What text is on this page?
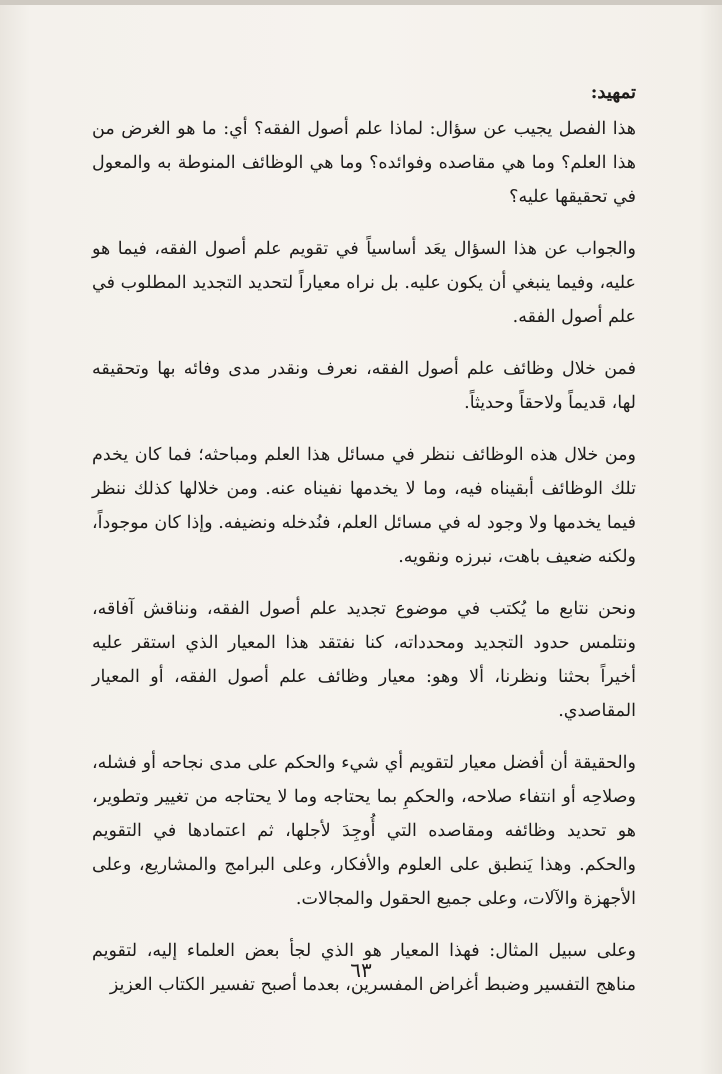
تمهيد:

هذا الفصل يجيب عن سؤال: لماذا علم أصول الفقه؟ أي: ما هو الغرض من هذا العلم؟ وما هي مقاصده وفوائده؟ وما هي الوظائف المنوطة به والمعول في تحقيقها عليه؟

والجواب عن هذا السؤال يعَد أساسياً في تقويم علم أصول الفقه، فيما هو عليه، وفيما ينبغي أن يكون عليه. بل نراه معياراً لتحديد التجديد المطلوب في علم أصول الفقه.

فمن خلال وظائف علم أصول الفقه، نعرف ونقدر مدى وفائه بها وتحقيقه لها، قديماً ولاحقاً وحديثاً.

ومن خلال هذه الوظائف ننظر في مسائل هذا العلم ومباحثه؛ فما كان يخدم تلك الوظائف أبقيناه فيه، وما لا يخدمها نفيناه عنه. ومن خلالها كذلك ننظر فيما يخدمها ولا وجود له في مسائل العلم، فنُدخله ونضيفه. وإذا كان موجوداً، ولكنه ضعيف باهت، نبرزه ونقويه.

ونحن نتابع ما يُكتب في موضوع تجديد علم أصول الفقه، ونناقش آفاقه، ونتلمس حدود التجديد ومحدداته، كنا نفتقد هذا المعيار الذي استقر عليه أخيراً بحثنا ونظرنا، ألا وهو: معيار وظائف علم أصول الفقه، أو المعيار المقاصدي.

والحقيقة أن أفضل معيار لتقويم أي شيء والحكم على مدى نجاحه أو فشله، وصلاحِه أو انتفاء صلاحه، والحكمِ بما يحتاجه وما لا يحتاجه من تغيير وتطوير، هو تحديد وظائفه ومقاصده التي أُوجِدَ لأجلها، ثم اعتمادها في التقويم والحكم. وهذا يَنطبق على العلوم والأفكار، وعلى البرامج والمشاريع، وعلى الأجهزة والآلات، وعلى جميع الحقول والمجالات.

وعلى سبيل المثال: فهذا المعيار هو الذي لجأ بعض العلماء إليه، لتقويم مناهج التفسير وضبط أغراض المفسرين، بعدما أصبح تفسير الكتاب العزيز

٦٣
